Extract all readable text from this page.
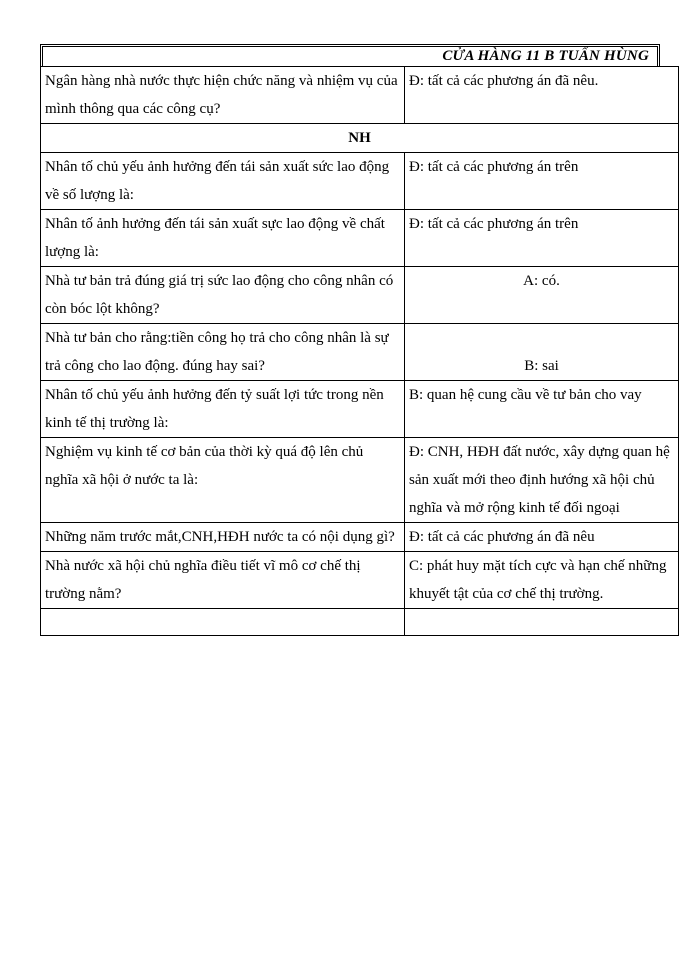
CỬA HÀNG 11 B TUẤN HÙNG
Ngân hàng nhà nước thực hiện chức năng và nhiệm vụ của mình thông qua các công cụ?	Đ: tất cả các phương án đã nêu.
NH	
Nhân tố chủ yếu ảnh hưởng đến tái sản xuất sức lao động về số lượng là:	Đ: tất cả các phương án trên
Nhân tố ảnh hưởng đến tái sản xuất sực lao động về chất lượng là:	Đ: tất cả các phương án trên
Nhà tư bản trả đúng giá trị sức lao động cho công nhân có còn bóc lột không?	A: có.
Nhà tư bản cho rằng:tiền công họ trả cho công nhân là sự trả công cho lao động. đúng hay sai?	B: sai
Nhân tố chủ yếu ảnh hưởng đến tỷ suất lợi tức trong nền kinh tế thị trường là:	B: quan hệ cung cầu về tư bản cho vay
Nghiệm vụ kinh tế cơ bản của thời kỳ quá độ lên chủ nghĩa xã hội ở nước ta là:	Đ: CNH, HĐH đất nước, xây dựng quan hệ sản xuất mới theo định hướng xã hội chủ nghĩa và mở rộng kinh tế đối ngoại
Những năm trước mắt,CNH,HĐH nước ta có nội dụng gì?	Đ: tất cả các phương án đã nêu
Nhà nước xã hội chủ nghĩa điều tiết vĩ mô cơ chế thị trường nằm?	C: phát huy mặt tích cực và hạn chế những khuyết tật của cơ chế thị trường.
